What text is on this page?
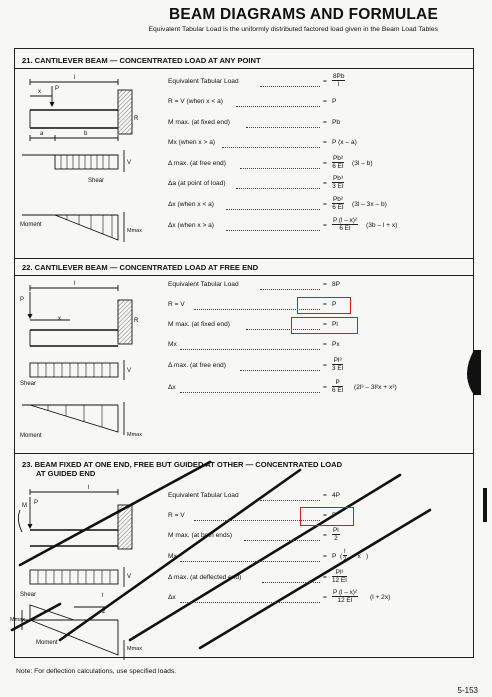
BEAM DIAGRAMS AND FORMULAE
Equivalent Tabular Load is the uniformly distributed factored load given in the Beam Load Tables
21. CANTILEVER BEAM — CONCENTRATED LOAD AT ANY POINT
22. CANTILEVER BEAM — CONCENTRATED LOAD AT FREE END
23. BEAM FIXED AT ONE END, FREE BUT GUIDED AT OTHER — CONCENTRATED LOAD
AT GUIDED END
l
x P
R
a	b
V
Shear
Moment
Mmax
l
P
x	R
V
Shear
Moment	Mmax
l
M P
V
Shear	l
2
Mmax
Moment
Mmax
Equivalent Tabular Load	= $\frac{8Pb}{l}$
R = V (when x < a)	= P
M max. (at fixed end)	= Pb
Mx (when x > a)	= P (x – a)
Δ max. (at free end)	= $\frac{\text{Pb²}}{6 EI} (3l - b)$
Δa (at point of load)	= $\frac{\text{Pb³}}{3 EI}$
Δx (when x < a)	= $\frac{\text{Pb²}}{6 EI} (3l - 3x - b)$
Δx (when x > a)	= $\frac{\text{P (l – x)²}}{6 EI} (3b - l + x)$
Equivalent Tabular Load	= 8P
R = V	= P
M max. (at fixed end)	= Pl
Mx	= Px
Δ max. (at free end)	= $\frac{\text{Pl³}}{3 EI}$
Δx	= $\frac{P}{6 EI} (2l^3 - 3l^2x + x^3)$
Equivalent Tabular Load	= 4P
R = V	= P
M max. (at both ends)	= $\frac{Pl}{2}$
Mx	= P ( $\frac{l}{2}$ – x )
Δ max. (at deflected end)	= $\frac{\text{Pl³}}{12 EI}$
Δx	= $\frac{\text{P (l – x)²}}{12 EI} (l + 2x)$
Note: For deflection calculations, use specified loads.
5-153
